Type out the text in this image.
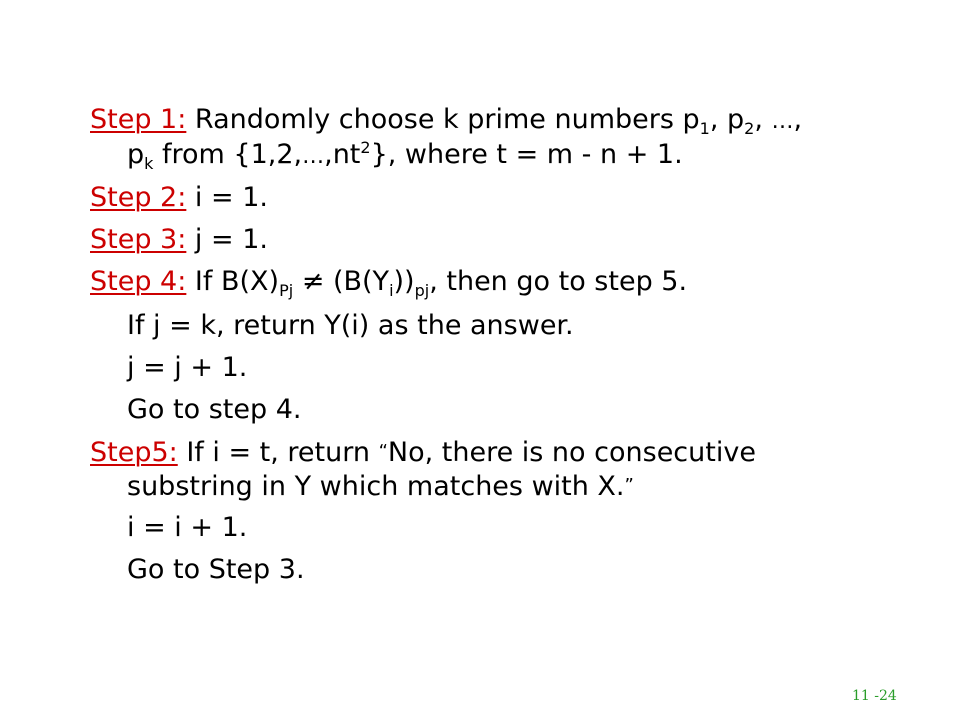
Step 1: Randomly choose k prime numbers $p_1$, $p_2$, …,
$p_k$ from $\{1,2,\dots,nt^2\}$, where t = m - n + 1.
Step 2: i = 1.
Step 3: j = 1.
Step 4: If $B(X)_{Pj} \ne (B(Y_i))_{pj}$, then go to step 5.
If j = k, return Y(i) as the answer.
j = j + 1.
Go to step 4.
Step5: If i = t, return “No, there is no consecutive
substring in Y which matches with X.”
i = i + 1.
Go to Step 3.
11 -24
